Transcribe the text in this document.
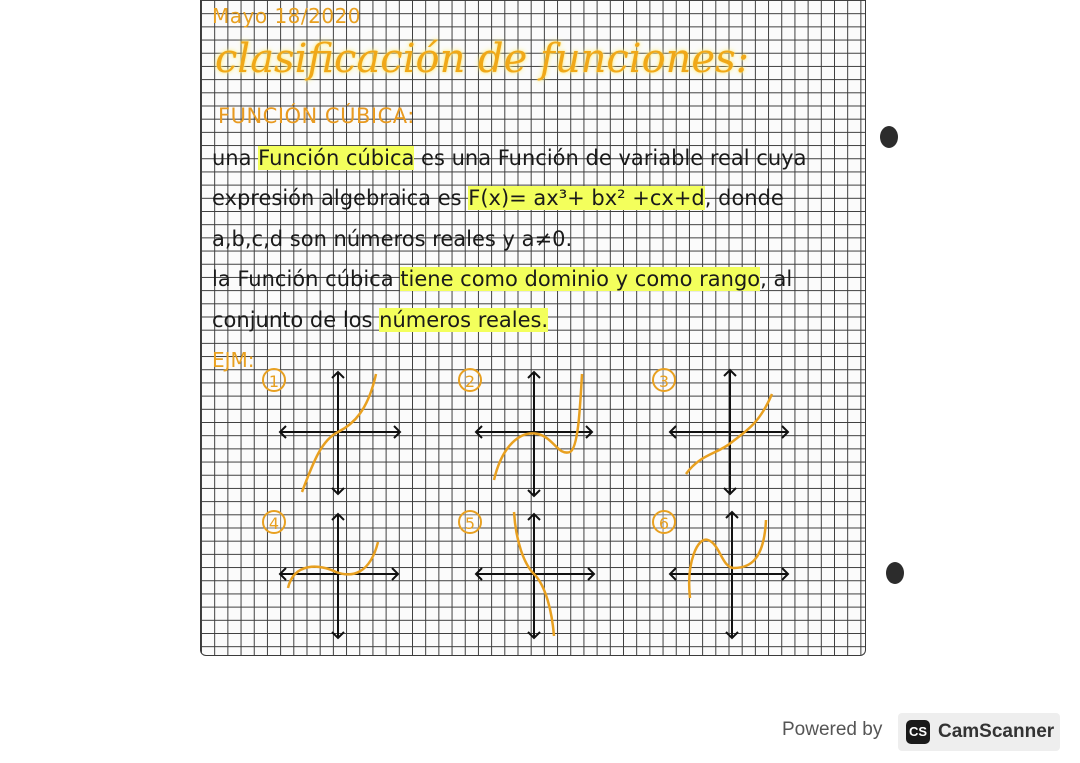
Mayo 18/2020
clasificación de funciones:
FUNCIÓN CÚBICA:
una Función cúbica es una Función de variable real cuya
expresión algebraica es F(x)= ax³+ bx² +cx+d, donde
a,b,c,d son números reales y a≠0.
la Función cúbica tiene como dominio y como rango, al
conjunto de los números reales.
EJM:
1	2	3
4	5	6
Powered by CS CamScanner
